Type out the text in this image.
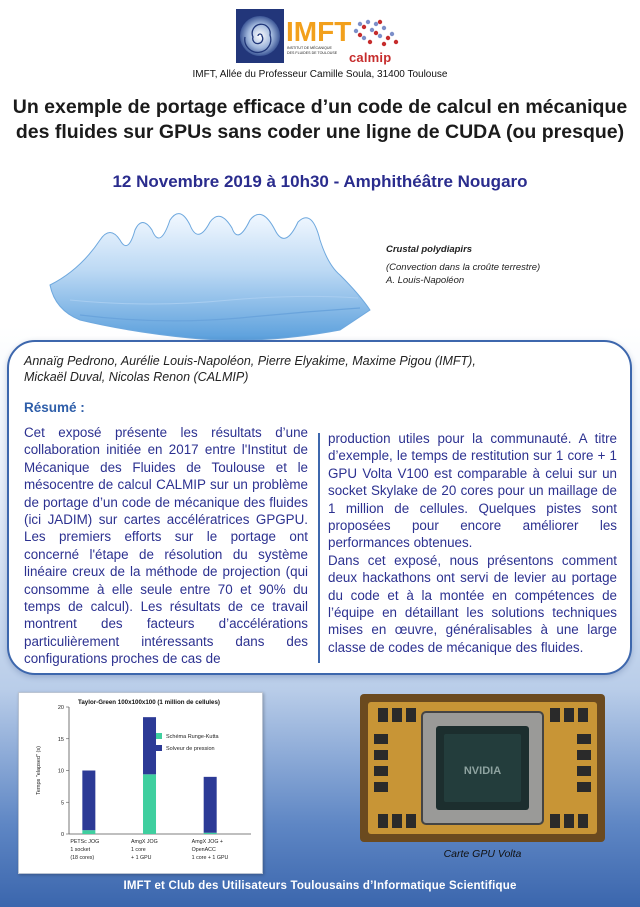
IMFT
INSTITUT DE MÉCANIQUE
DES FLUIDES DE TOULOUSE calmip
IMFT, Allée du Professeur Camille Soula, 31400 Toulouse
Un exemple de portage efficace d’un code de calcul en mécanique
des fluides sur GPUs sans coder une ligne de CUDA (ou presque)
12 Novembre 2019 à 10h30 - Amphithéâtre Nougaro
Crustal polydiapirs
(Convection dans la croûte terrestre)
A. Louis-Napoléon
Annaïg Pedrono, Aurélie Louis-Napoléon, Pierre Elyakime, Maxime Pigou (IMFT),
Mickaël Duval, Nicolas Renon (CALMIP)
Résumé :
Cet exposé présente les résultats d’une collaboration initiée en 2017 entre l'Institut de Mécanique des Fluides de Toulouse et le mésocentre de calcul CALMIP sur un problème de portage d’un code de mécanique des fluides (ici JADIM) sur cartes accélératrices GPGPU. Les premiers efforts sur le portage ont concerné l'étape de résolution du système linéaire creux de la méthode de projection (qui consomme à elle seule entre 70 et 90% du temps de calcul). Les résultats de ce travail montrent des facteurs d’accélérations particulièrement intéressants dans des configurations proches de cas de

production utiles pour la communauté. A titre d’exemple, le temps de restitution sur 1 core + 1 GPU Volta V100 est comparable à celui sur un socket Skylake de 20 cores pour un maillage de 1 million de cellules. Quelques pistes sont proposées pour encore améliorer les performances obtenues.

Dans cet exposé, nous présentons comment deux hackathons ont servi de levier au portage du code et à la montée en compétences de l’équipe en détaillant les solutions techniques mises en œuvre, généralisables à une large classe de codes de mécanique des fluides.

Taylor-Green 100x100x100 (1 million de cellules)
0
5
10
15
20
Temps "elapsed" (s)
PETSc JOG
1 socket
(18 cores)
AmgX JOG
1 core
+ 1 GPU
AmgX JOG +
OpenACC
1 core + 1 GPU
Schéma Runge-Kutta
Solveur de pression
NVIDIA
Carte GPU Volta
IMFT et Club des Utilisateurs Toulousains d’Informatique Scientifique
